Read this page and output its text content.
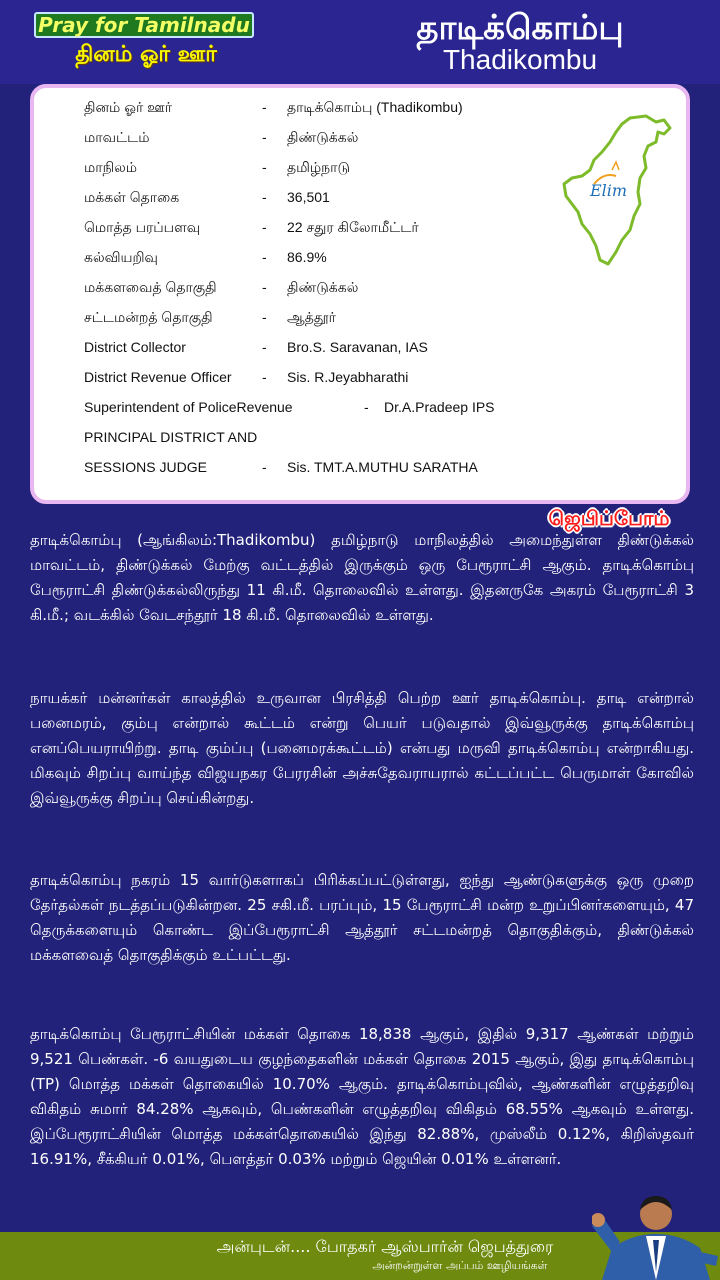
Pray for Tamilnadu
தினம் ஓர் ஊர்
தாடிக்கொம்பு
Thadikombu
தினம் ஓர் ஊர்	- தாடிக்கொம்பு (Thadikombu)
மாவட்டம்	- திண்டுக்கல்
மாநிலம்	- தமிழ்நாடு
மக்கள் தொகை	- 36,501
மொத்த பரப்பளவு	- 22 சதுர கிலோமீட்டர்
கல்வியறிவு	- 86.9%
மக்களவைத் தொகுதி	- திண்டுக்கல்
சட்டமன்றத் தொகுதி	- ஆத்தூர்
District Collector	- Bro.S. Saravanan, IAS
District Revenue Officer - Sis. R.Jeyabharathi
Superintendent of PoliceRevenue	- Dr.A.Pradeep IPS
PRINCIPAL DISTRICT AND
SESSIONS JUDGE	- Sis. TMT.A.MUTHU SARATHA
Elim
ஜெபிப்போம்

தாடிக்கொம்பு (ஆங்கிலம்:Thadikombu) தமிழ்நாடு மாநிலத்தில் அமைந்துள்ள திண்டுக்கல் மாவட்டம், திண்டுக்கல் மேற்கு வட்டத்தில் இருக்கும் ஒரு பேரூராட்சி ஆகும். தாடிக்கொம்பு பேரூராட்சி திண்டுக்கல்லிருந்து 11 கி.மீ. தொலைவில் உள்ளது. இதனருகே அகரம் பேரூராட்சி 3 கி.மீ.; வடக்கில் வேடசந்தூர் 18 கி.மீ. தொலைவில் உள்ளது.

நாயக்கர் மன்னர்கள் காலத்தில் உருவான பிரசித்தி பெற்ற ஊர் தாடிக்கொம்பு. தாடி என்றால் பனைமரம், கும்பு என்றால் கூட்டம் என்று பெயர் படுவதால் இவ்வூருக்கு தாடிக்கொம்பு எனப்பெயராயிற்று. தாடி கும்ப்பு (பனைமரக்கூட்டம்) என்பது மருவி தாடிக்கொம்பு என்றாகியது. மிகவும் சிறப்பு வாய்ந்த விஜயநகர பேரரசின் அச்சுதேவராயரால் கட்டப்பட்ட பெருமாள் கோவில் இவ்வூருக்கு சிறப்பு செய்கின்றது.

தாடிக்கொம்பு நகரம் 15 வார்டுகளாகப் பிரிக்கப்பட்டுள்ளது, ஐந்து ஆண்டுகளுக்கு ஒரு முறை தேர்தல்கள் நடத்தப்படுகின்றன. 25 சகி.மீ. பரப்பும், 15 பேரூராட்சி மன்ற உறுப்பினர்களையும், 47 தெருக்களையும் கொண்ட இப்பேரூராட்சி ஆத்தூர் சட்டமன்றத் தொகுதிக்கும், திண்டுக்கல் மக்களவைத் தொகுதிக்கும் உட்பட்டது.

தாடிக்கொம்பு பேரூராட்சியின் மக்கள் தொகை 18,838 ஆகும், இதில் 9,317 ஆண்கள் மற்றும் 9,521 பெண்கள். -6 வயதுடைய குழந்தைகளின் மக்கள் தொகை 2015 ஆகும், இது தாடிக்கொம்பு (TP) மொத்த மக்கள் தொகையில் 10.70% ஆகும். தாடிக்கொம்புவில், ஆண்களின் எழுத்தறிவு விகிதம் சுமார் 84.28% ஆகவும், பெண்களின் எழுத்தறிவு விகிதம் 68.55% ஆகவும் உள்ளது. இப்பேரூராட்சியின் மொத்த மக்கள்தொகையில் இந்து 82.88%, முஸ்லீம் 0.12%, கிறிஸ்தவர் 16.91%, சீக்கியர் 0.01%, பௌத்தர் 0.03% மற்றும் ஜெயின் 0.01% உள்ளனர்.

அன்புடன்.... போதகர் ஆஸ்பார்ன் ஜெபத்துரை
அன்றன்றுள்ள அப்பம் ஊழியங்கள்
